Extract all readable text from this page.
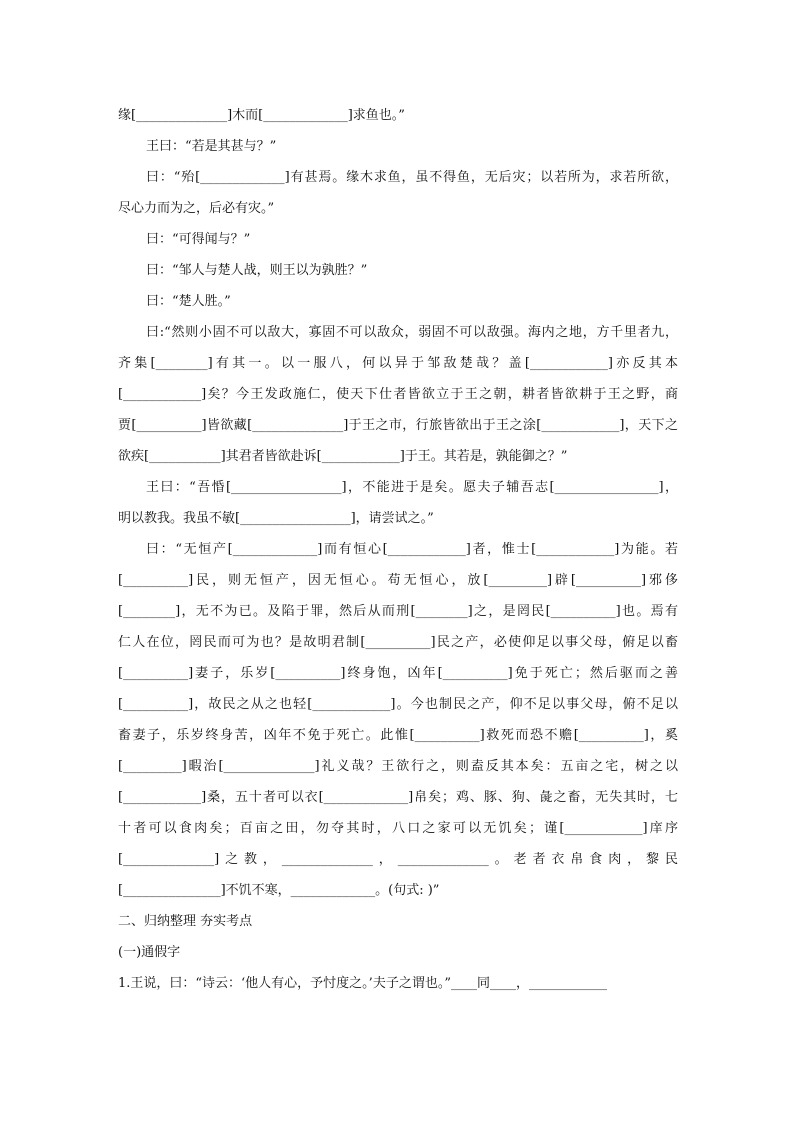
缘[______________]木而[_____________]求鱼也。”
王曰：“若是其甚与？”
曰：“殆[_____________]有甚焉。缘木求鱼，虽不得鱼，无后灾；以若所为，求若所欲，
尽心力而为之，后必有灾。”
曰：“可得闻与？”
曰：“邹人与楚人战，则王以为孰胜？”
曰：“楚人胜。”
曰:“然则小固不可以敌大，寡固不可以敌众，弱固不可以敌强。海内之地，方千里者九，
齐集[________]有其一。以一服八，何以异于邹敌楚哉？盖[____________]亦反其本
[____________]矣？今王发政施仁，使天下仕者皆欲立于王之朝，耕者皆欲耕于王之野，商
贾[__________]皆欲藏[______________]于王之市，行旅皆欲出于王之涂[____________]，天下之
欲疾[___________]其君者皆欲赴诉[____________]于王。其若是，孰能御之？”
王曰：“吾惛[_________________]，不能进于是矣。愿夫子辅吾志[________________]，
明以教我。我虽不敏[_________________]，请尝试之。”
曰：“无恒产[_____________]而有恒心[____________]者，惟士[____________]为能。若
[__________]民，则无恒产，因无恒心。苟无恒心，放[_________]辟[__________]邪侈
[________]，无不为已。及陷于罪，然后从而刑[________]之，是罔民[__________]也。焉有
仁人在位，罔民而可为也？是故明君制[__________]民之产，必使仰足以事父母，俯足以畜
[__________]妻子，乐岁[__________]终身饱，凶年[__________]免于死亡；然后驱而之善
[__________]，故民之从之也轻[____________]。今也制民之产，仰不足以事父母，俯不足以
畜妻子，乐岁终身苦，凶年不免于死亡。此惟[__________]救死而恐不赡[__________]，奚
[_________]暇治[______________]礼义哉？王欲行之，则盍反其本矣：五亩之宅，树之以
[____________]桑，五十者可以衣[_____________]帛矣；鸡、豚、狗、彘之畜，无失其时，七
十者可以食肉矣；百亩之田，勿夺其时，八口之家可以无饥矣；谨[____________]庠序
[______________]之教，______________，______________。老者衣帛食肉，黎民
[_______________]不饥不寒，_____________。(句式: )”
二、归纳整理 夯实考点
(一)通假字
1.王说，曰：“诗云：‘他人有心，予忖度之。’夫子之谓也。”____同____，____________
